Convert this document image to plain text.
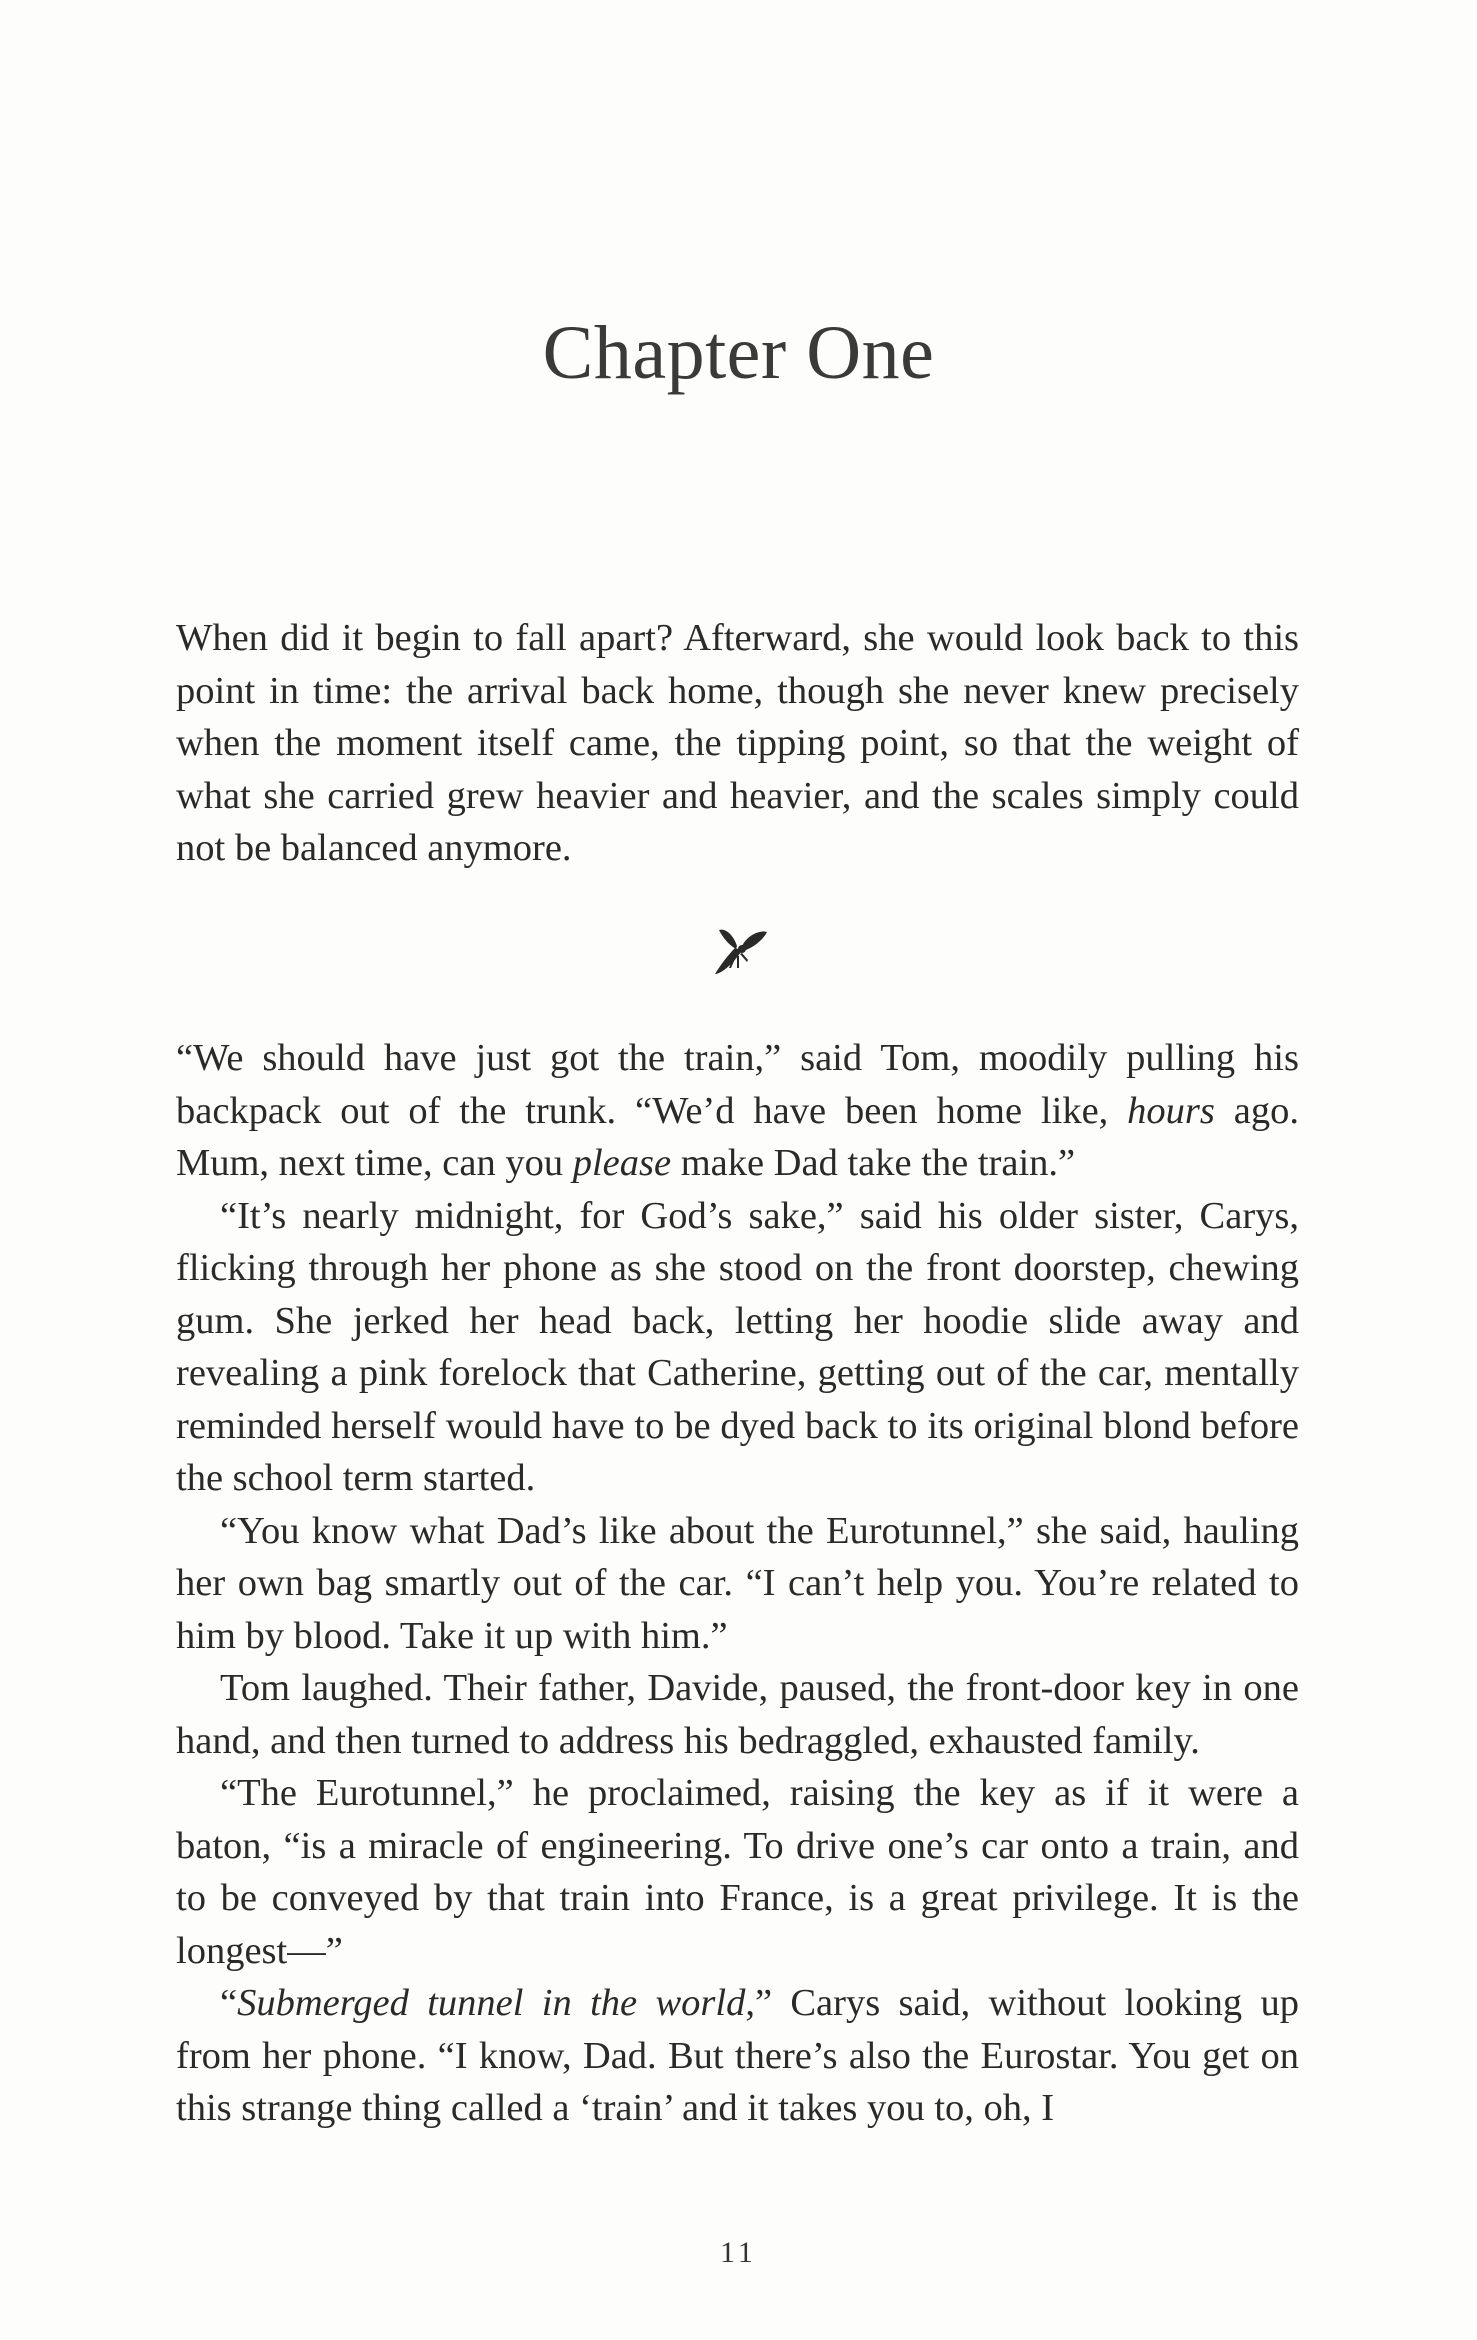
Chapter One

When did it begin to fall apart? Afterward, she would look back to this point in time: the arrival back home, though she never knew precisely when the moment itself came, the tipping point, so that the weight of what she carried grew heavier and heavier, and the scales simply could not be balanced anymore.

“We should have just got the train,” said Tom, moodily pulling his backpack out of the trunk. “We’d have been home like, hours ago. Mum, next time, can you please make Dad take the train.”

“It’s nearly midnight, for God’s sake,” said his older sister, Carys, flicking through her phone as she stood on the front doorstep, chewing gum. She jerked her head back, letting her hoodie slide away and revealing a pink forelock that Catherine, getting out of the car, mentally reminded herself would have to be dyed back to its original blond before the school term started.

“You know what Dad’s like about the Eurotunnel,” she said, hauling her own bag smartly out of the car. “I can’t help you. You’re related to him by blood. Take it up with him.”

Tom laughed. Their father, Davide, paused, the front-door key in one hand, and then turned to address his bedraggled, exhausted family.

“The Eurotunnel,” he proclaimed, raising the key as if it were a baton, “is a miracle of engineering. To drive one’s car onto a train, and to be conveyed by that train into France, is a great privilege. It is the longest—”

“Submerged tunnel in the world,” Carys said, without looking up from her phone. “I know, Dad. But there’s also the Eurostar. You get on this strange thing called a ‘train’ and it takes you to, oh, I

11
